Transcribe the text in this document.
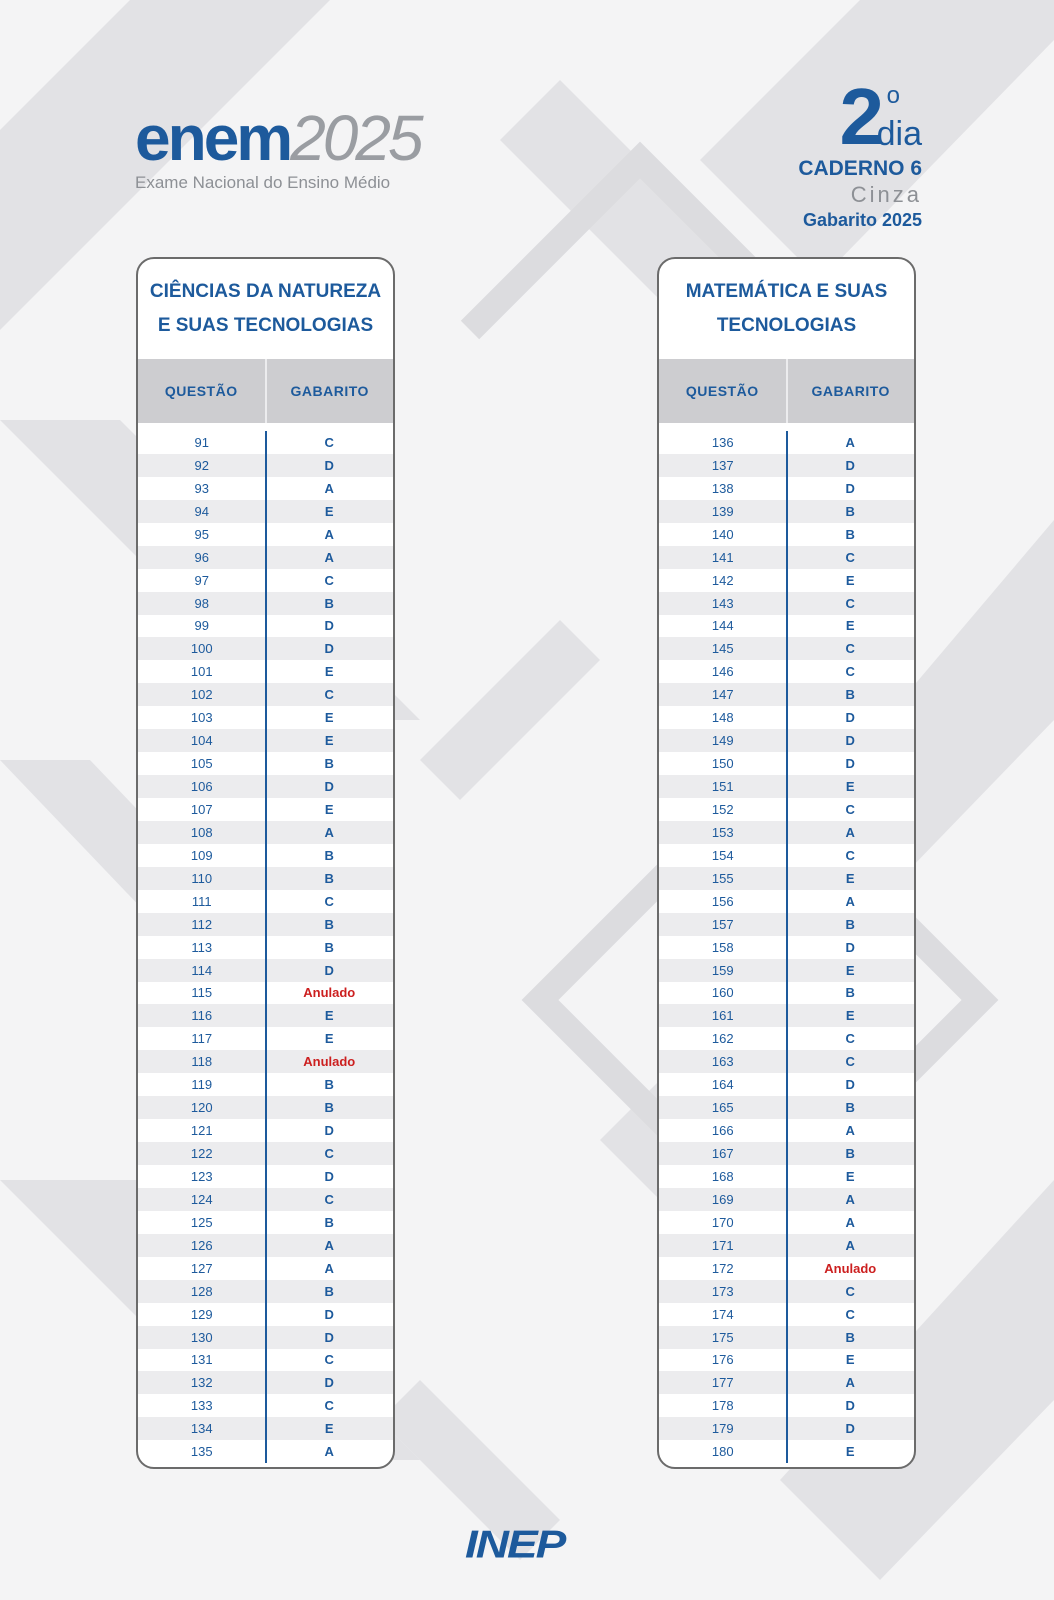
enem2025
Exame Nacional do Ensino Médio
2 o
dia
CADERNO 6
Cinza
Gabarito 2025
CIÊNCIAS DA NATUREZA
E SUAS TECNOLOGIAS
QUESTÃO	GABARITO
91	C
92	D
93	A
94	E
95	A
96	A
97	C
98	B
99	D
100	D
101	E
102	C
103	E
104	E
105	B
106	D
107	E
108	A
109	B
110	B
111	C
112	B
113	B
114	D
115	Anulado
116	E
117	E
118	Anulado
119	B
120	B
121	D
122	C
123	D
124	C
125	B
126	A
127	A
128	B
129	D
130	D
131	C
132	D
133	C
134	E
135	A
MATEMÁTICA E SUAS
TECNOLOGIAS
QUESTÃO	GABARITO
136	A
137	D
138	D
139	B
140	B
141	C
142	E
143	C
144	E
145	C
146	C
147	B
148	D
149	D
150	D
151	E
152	C
153	A
154	C
155	E
156	A
157	B
158	D
159	E
160	B
161	E
162	C
163	C
164	D
165	B
166	A
167	B
168	E
169	A
170	A
171	A
172	Anulado
173	C
174	C
175	B
176	E
177	A
178	D
179	D
180	E
INEP
